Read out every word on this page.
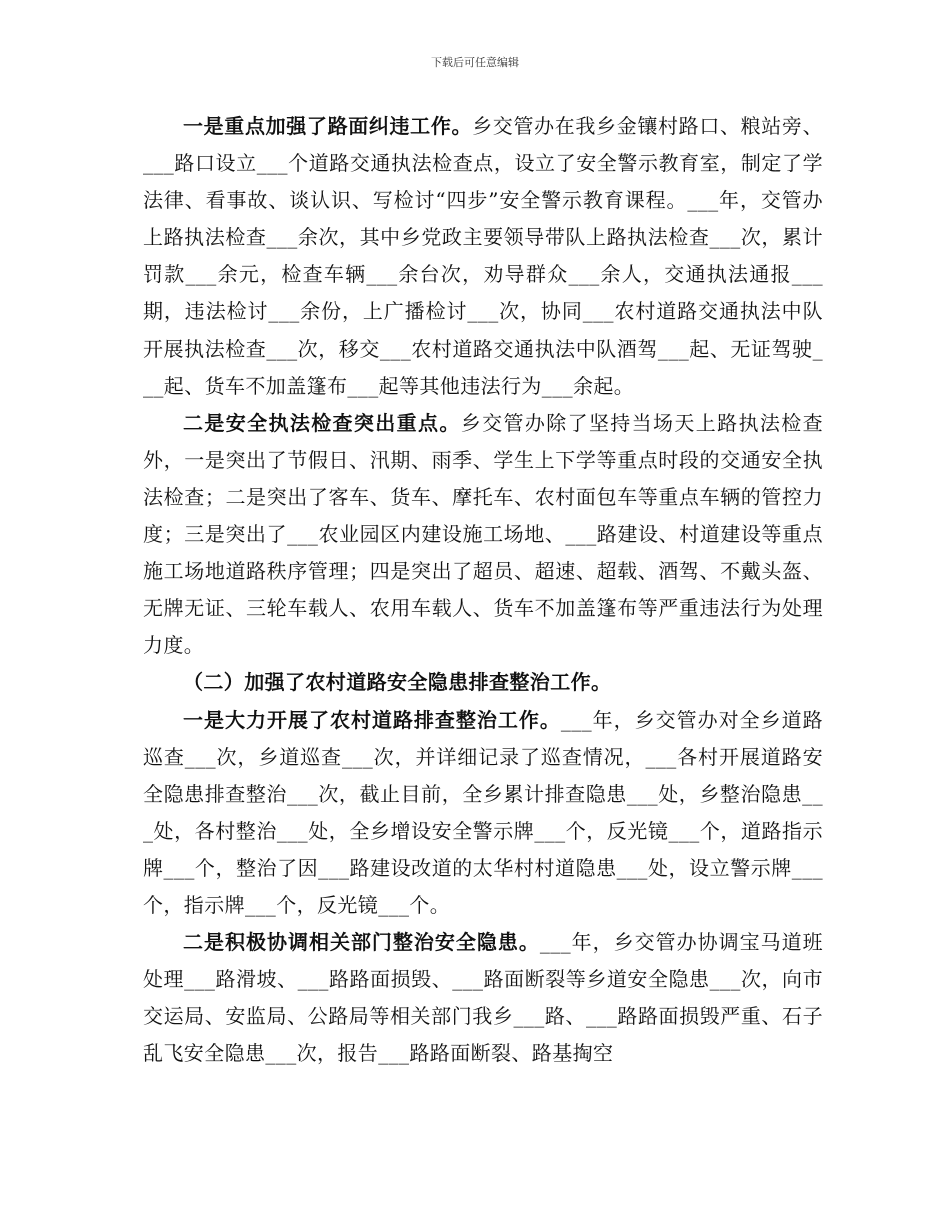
下载后可任意编辑

一是重点加强了路面纠违工作。乡交管办在我乡金镶村路口、粮站旁、___路口设立___个道路交通执法检查点，设立了安全警示教育室，制定了学法律、看事故、谈认识、写检讨“四步”安全警示教育课程。___年，交管办上路执法检查___余次，其中乡党政主要领导带队上路执法检查___次，累计罚款___余元，检查车辆___余台次，劝导群众___余人，交通执法通报___期，违法检讨___余份，上广播检讨___次，协同___农村道路交通执法中队开展执法检查___次，移交___农村道路交通执法中队酒驾___起、无证驾驶___起、货车不加盖篷布___起等其他违法行为___余起。

二是安全执法检查突出重点。乡交管办除了坚持当场天上路执法检查外，一是突出了节假日、汛期、雨季、学生上下学等重点时段的交通安全执法检查；二是突出了客车、货车、摩托车、农村面包车等重点车辆的管控力度；三是突出了___农业园区内建设施工场地、___路建设、村道建设等重点施工场地道路秩序管理；四是突出了超员、超速、超载、酒驾、不戴头盔、无牌无证、三轮车载人、农用车载人、货车不加盖篷布等严重违法行为处理力度。

（二）加强了农村道路安全隐患排查整治工作。

一是大力开展了农村道路排查整治工作。___年，乡交管办对全乡道路巡查___次，乡道巡查___次，并详细记录了巡查情况，___各村开展道路安全隐患排查整治___次，截止目前，全乡累计排查隐患___处，乡整治隐患___处，各村整治___处，全乡增设安全警示牌___个，反光镜___个，道路指示牌___个，整治了因___路建设改道的太华村村道隐患___处，设立警示牌___个，指示牌___个，反光镜___个。

二是积极协调相关部门整治安全隐患。___年，乡交管办协调宝马道班处理___路滑坡、___路路面损毁、___路面断裂等乡道安全隐患___次，向市交运局、安监局、公路局等相关部门我乡___路、___路路面损毁严重、石子乱飞安全隐患___次，报告___路路面断裂、路基掏空
